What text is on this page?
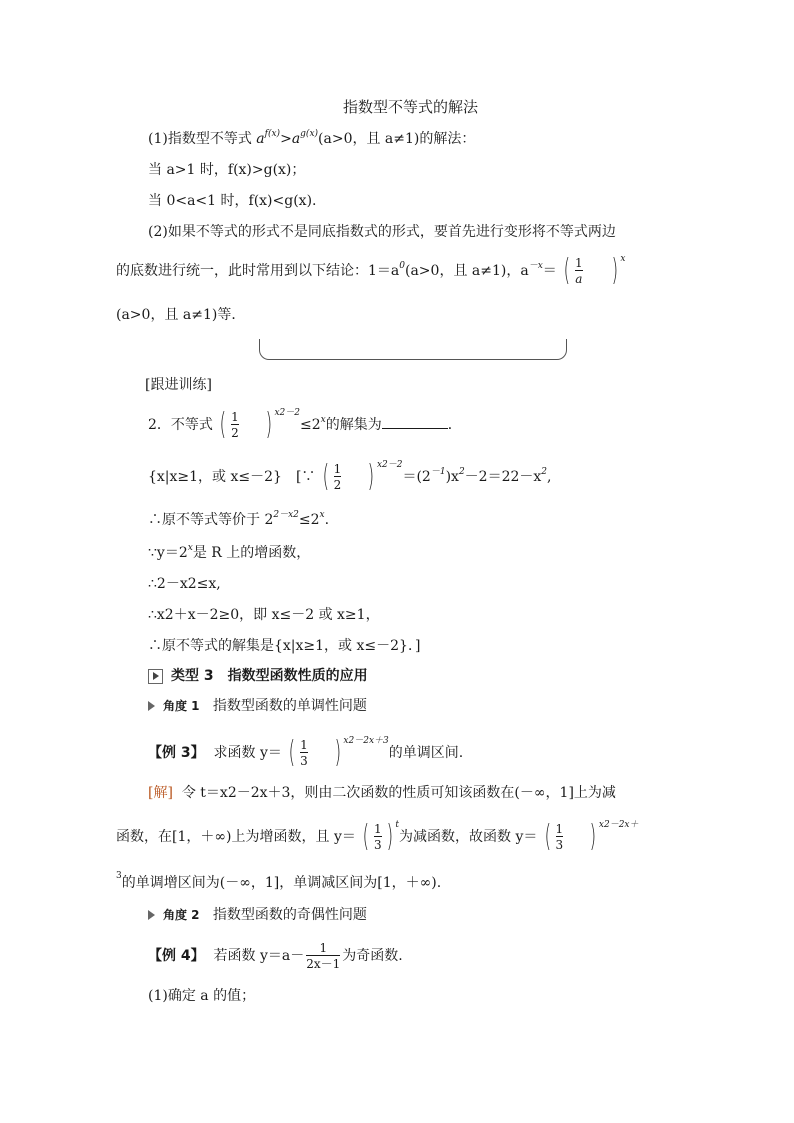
指数型不等式的解法
(1)指数型不等式 $a^{f(x)}>a^{g(x)}(a>0$，且 a≠1)的解法：
当 a>1 时，f(x)>g(x)；
当 0<a<1 时，f(x)<g(x).
(2)如果不等式的形式不是同底指数式的形式，要首先进行变形将不等式两边
的底数进行统一，此时常用到以下结论：$1=a^0(a>0$，且 a≠1)，$a^{-x}=$ ( $\frac{1}{a}$ ) $^x$
(a>0，且 a≠1)等．
[跟进训练]
2．不等式 ( $\frac{1}{2}$ ) $^{x2-2}\le 2^x$的解集为	．
{x|x≥1，或 x≤－2}　[∵ ( $\frac{1}{2}$ ) $^{x2-2}=(2^{-1})x^2-2=22-x^2$,
∴原不等式等价于 $2^{2-x2}\le 2^x$.
$\because y=2^x$是 R 上的增函数，
∴2－x2≤x,
∴x2＋x－2≥0，即 x≤－2 或 x≥1，
∴原不等式的解集是{x|x≥1，或 x≤－2}．]
类型 3　指数型函数性质的应用
角度 1 指数型函数的单调性问题
【例 3】 求函数 y＝ ( $\frac{1}{3}$ ) $^{x2-2x+3}$的单调区间.
[解] 令 t＝x2－2x＋3，则由二次函数的性质可知该函数在(－∞，1]上为减
函数，在[1，＋∞)上为增函数，且 y＝ ( $\frac{1}{3}$ ) $^t$为减函数，故函数 y＝ ( $\frac{1}{3}$ ) $^{x2-2x+}$
$^3$的单调增区间为(－∞，1]，单调减区间为[1，＋∞).
角度 2 指数型函数的奇偶性问题
【例 4】 若函数 $y=a- \frac{1}{2x-1}$ 为奇函数.
(1)确定 a 的值；
